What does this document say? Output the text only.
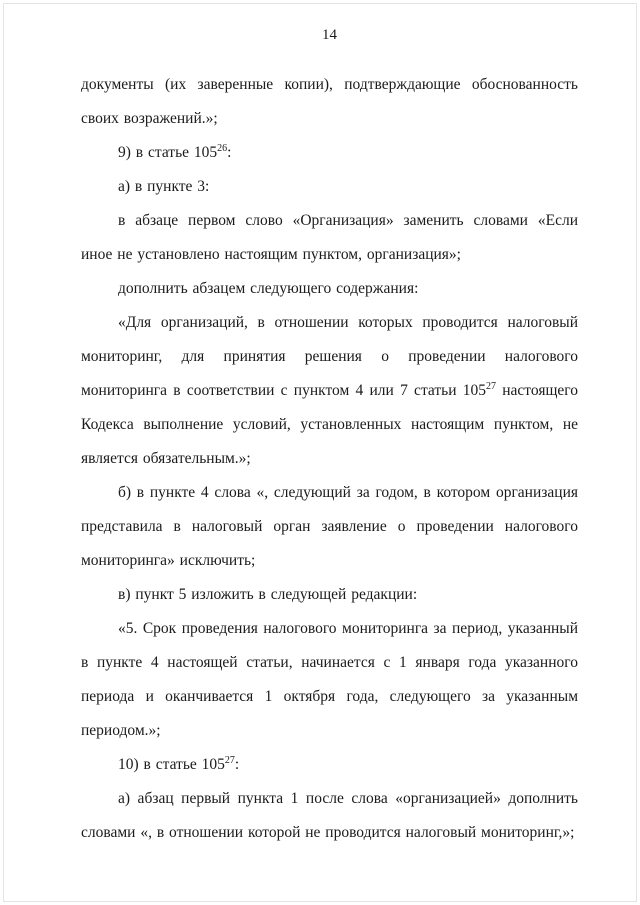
14

документы (их заверенные копии), подтверждающие обоснованность своих возражений.»;

9) в статье $105^{26}$:

а) в пункте 3:

в абзаце первом слово «Организация» заменить словами «Если иное не установлено настоящим пунктом, организация»;

дополнить абзацем следующего содержания:

«Для организаций, в отношении которых проводится налоговый мониторинг, для принятия решения о проведении налогового мониторинга в соответствии с пунктом 4 или 7 статьи $105^{27}$ настоящего Кодекса выполнение условий, установленных настоящим пунктом, не является обязательным.»;

б) в пункте 4 слова «, следующий за годом, в котором организация представила в налоговый орган заявление о проведении налогового мониторинга» исключить;

в) пункт 5 изложить в следующей редакции:

«5. Срок проведения налогового мониторинга за период, указанный в пункте 4 настоящей статьи, начинается с 1 января года указанного периода и оканчивается 1 октября года, следующего за указанным периодом.»;

10) в статье $105^{27}$:

а) абзац первый пункта 1 после слова «организацией» дополнить словами «, в отношении которой не проводится налоговый мониторинг,»;
